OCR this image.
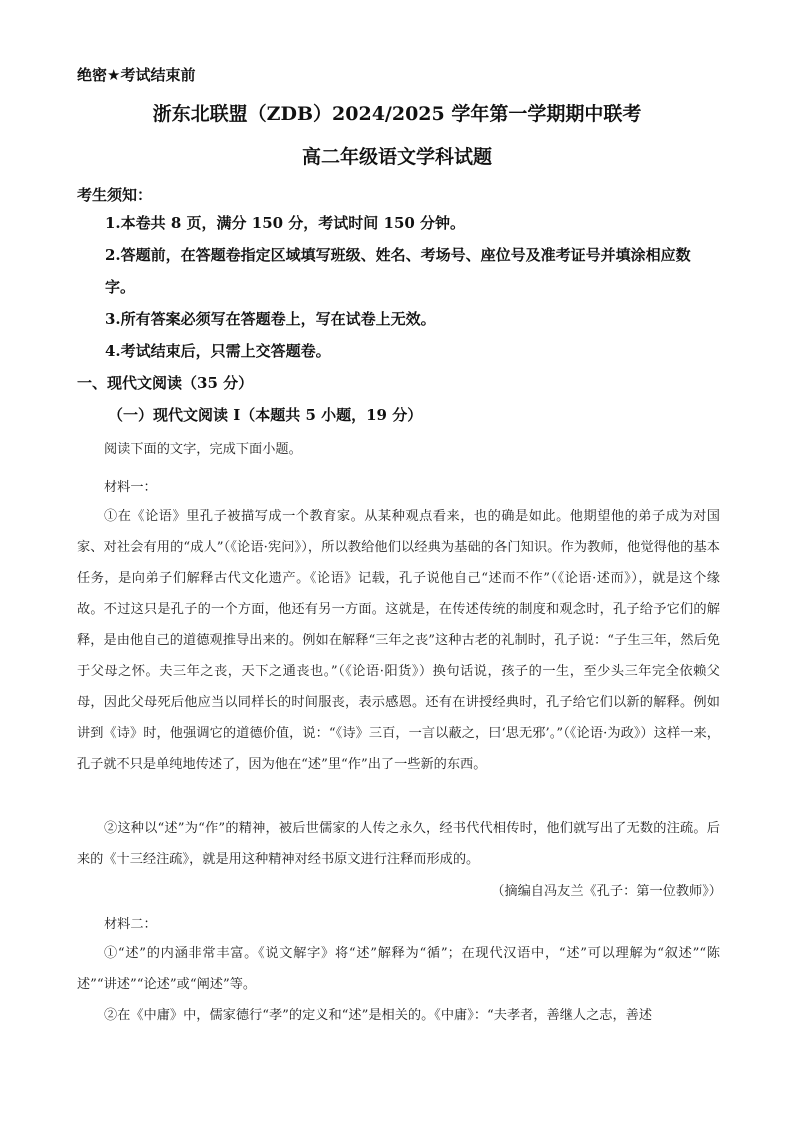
绝密★考试结束前
浙东北联盟（ZDB）2024/2025 学年第一学期期中联考
高二年级语文学科试题
考生须知：
1.本卷共 8 页，满分 150 分，考试时间 150 分钟。
2.答题前，在答题卷指定区域填写班级、姓名、考场号、座位号及准考证号并填涂相应数字。
3.所有答案必须写在答题卷上，写在试卷上无效。
4.考试结束后，只需上交答题卷。
一、现代文阅读（35 分）
（一）现代文阅读 I（本题共 5 小题，19 分）
阅读下面的文字，完成下面小题。
材料一：
①在《论语》里孔子被描写成一个教育家。从某种观点看来，也的确是如此。他期望他的弟子成为对国家、对社会有用的“成人”（《论语·宪问》），所以教给他们以经典为基础的各门知识。作为教师，他觉得他的基本任务，是向弟子们解释古代文化遗产。《论语》记载，孔子说他自己“述而不作”（《论语·述而》），就是这个缘故。不过这只是孔子的一个方面，他还有另一方面。这就是，在传述传统的制度和观念时，孔子给予它们的解释，是由他自己的道德观推导出来的。例如在解释“三年之丧”这种古老的礼制时，孔子说：“子生三年，然后免于父母之怀。夫三年之丧，天下之通丧也。”（《论语·阳货》）换句话说，孩子的一生，至少头三年完全依赖父母，因此父母死后他应当以同样长的时间服丧，表示感恩。还有在讲授经典时，孔子给它们以新的解释。例如讲到《诗》时，他强调它的道德价值，说：“《诗》三百，一言以蔽之，曰‘思无邪’。”（《论语·为政》）这样一来，孔子就不只是单纯地传述了，因为他在“述”里“作”出了一些新的东西。
②这种以“述”为“作”的精神，被后世儒家的人传之永久，经书代代相传时，他们就写出了无数的注疏。后来的《十三经注疏》，就是用这种精神对经书原文进行注释而形成的。
（摘编自冯友兰《孔子：第一位教师》）
材料二：
①“述”的内涵非常丰富。《说文解字》将“述”解释为“循”；在现代汉语中，“述”可以理解为“叙述”“陈述”“讲述”“论述”或“阐述”等。
②在《中庸》中，儒家德行“孝”的定义和“述”是相关的。《中庸》：“夫孝者，善继人之志，善述
